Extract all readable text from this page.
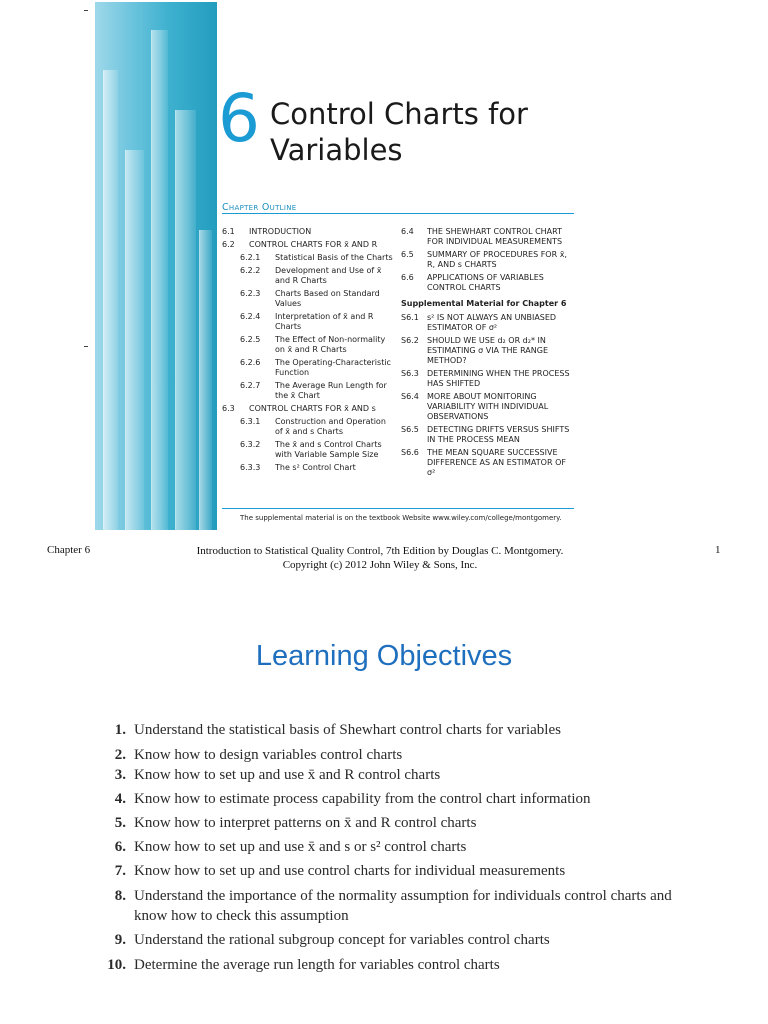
6 Control Charts for
Variables
Chapter Outline
6.1	INTRODUCTION
6.2	CONTROL CHARTS FOR x̄ AND R
6.2.1	Statistical Basis of the Charts
6.2.2	Development and Use of x̄ and R Charts
6.2.3	Charts Based on Standard Values
6.2.4	Interpretation of x̄ and R Charts
6.2.5	The Effect of Non-normality on x̄ and R Charts
6.2.6	The Operating-Characteristic Function
6.2.7	The Average Run Length for the x̄ Chart
6.3	CONTROL CHARTS FOR x̄ AND s
6.3.1	Construction and Operation of x̄ and s Charts
6.3.2	The x̄ and s Control Charts with Variable Sample Size
6.3.3	The s² Control Chart
6.4	THE SHEWHART CONTROL CHART FOR INDIVIDUAL MEASUREMENTS
6.5	SUMMARY OF PROCEDURES FOR x̄, R, AND s CHARTS
6.6	APPLICATIONS OF VARIABLES CONTROL CHARTS
Supplemental Material for Chapter 6
S6.1	s² IS NOT ALWAYS AN UNBIASED ESTIMATOR OF σ²
S6.2	SHOULD WE USE d₂ OR d₂* IN ESTIMATING σ VIA THE RANGE METHOD?
S6.3	DETERMINING WHEN THE PROCESS HAS SHIFTED
S6.4	MORE ABOUT MONITORING VARIABILITY WITH INDIVIDUAL OBSERVATIONS
S6.5	DETECTING DRIFTS VERSUS SHIFTS IN THE PROCESS MEAN
S6.6	THE MEAN SQUARE SUCCESSIVE DIFFERENCE AS AN ESTIMATOR OF σ²
The supplemental material is on the textbook Website www.wiley.com/college/montgomery.
Chapter 6	Introduction to Statistical Quality Control, 7th Edition by Douglas C. Montgomery.
Copyright (c) 2012 John Wiley & Sons, Inc.
1
Learning Objectives
1. Understand the statistical basis of Shewhart control charts for variables
2. Know how to design variables control charts
3. Know how to set up and use x̄ and R control charts
4. Know how to estimate process capability from the control chart information
5. Know how to interpret patterns on x̄ and R control charts
6. Know how to set up and use x̄ and s or s² control charts
7. Know how to set up and use control charts for individual measurements
8. Understand the importance of the normality assumption for individuals control charts and know how to check this assumption
9. Understand the rational subgroup concept for variables control charts
10. Determine the average run length for variables control charts
